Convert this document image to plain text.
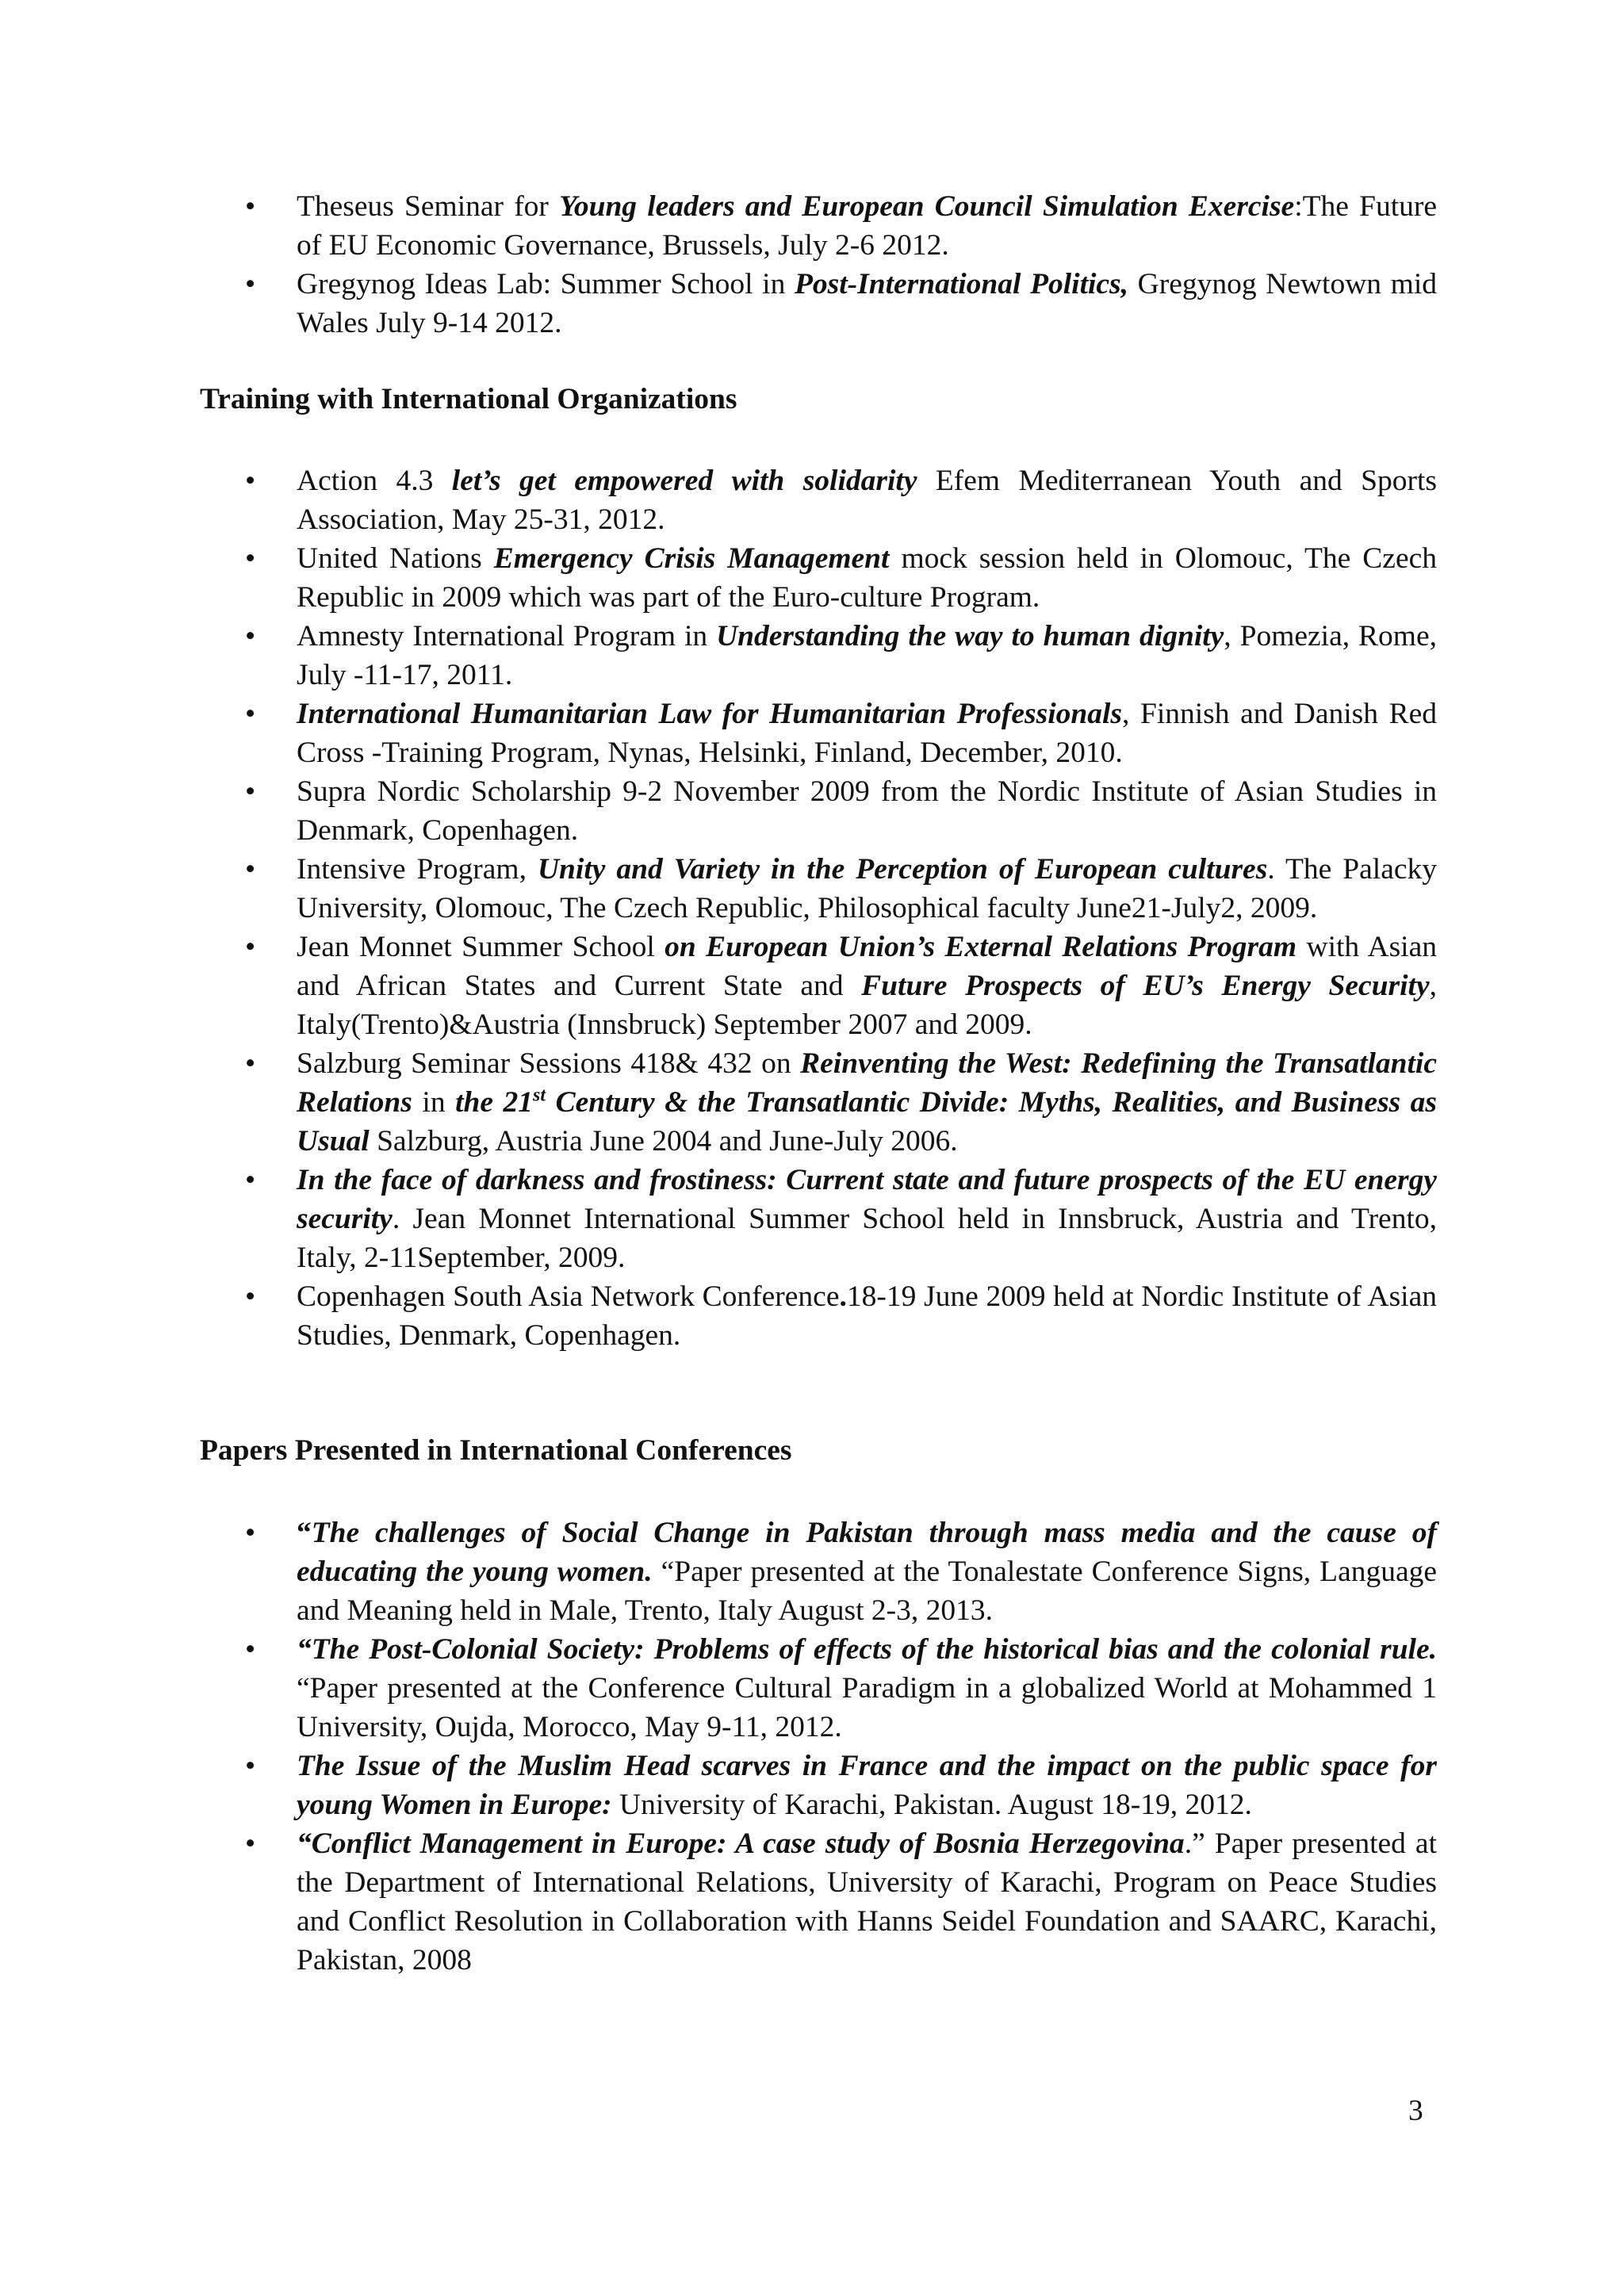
• Theseus Seminar for Young leaders and European Council Simulation Exercise:The Future of EU Economic Governance, Brussels, July 2-6 2012.
• Gregynog Ideas Lab: Summer School in Post-International Politics, Gregynog Newtown mid Wales July 9-14 2012.
Training with International Organizations
• Action 4.3 let’s get empowered with solidarity Efem Mediterranean Youth and Sports Association, May 25-31, 2012.
• United Nations Emergency Crisis Management mock session held in Olomouc, The Czech Republic in 2009 which was part of the Euro-culture Program.
• Amnesty International Program in Understanding the way to human dignity, Pomezia, Rome, July -11-17, 2011.
• International Humanitarian Law for Humanitarian Professionals, Finnish and Danish Red Cross -Training Program, Nynas, Helsinki, Finland, December, 2010.
• Supra Nordic Scholarship 9-2 November 2009 from the Nordic Institute of Asian Studies in Denmark, Copenhagen.
• Intensive Program, Unity and Variety in the Perception of European cultures. The Palacky University, Olomouc, The Czech Republic, Philosophical faculty June21-July2, 2009.
• Jean Monnet Summer School on European Union’s External Relations Program with Asian and African States and Current State and Future Prospects of EU’s Energy Security, Italy(Trento)&Austria (Innsbruck) September 2007 and 2009.
• Salzburg Seminar Sessions 418& 432 on Reinventing the West: Redefining the Transatlantic Relations in the 21st Century & the Transatlantic Divide: Myths, Realities, and Business as Usual Salzburg, Austria June 2004 and June-July 2006.
• In the face of darkness and frostiness: Current state and future prospects of the EU energy security. Jean Monnet International Summer School held in Innsbruck, Austria and Trento, Italy, 2-11September, 2009.
• Copenhagen South Asia Network Conference.18-19 June 2009 held at Nordic Institute of Asian Studies, Denmark, Copenhagen.
Papers Presented in International Conferences
• “The challenges of Social Change in Pakistan through mass media and the cause of educating the young women. “Paper presented at the Tonalestate Conference Signs, Language and Meaning held in Male, Trento, Italy August 2-3, 2013.
• “The Post-Colonial Society: Problems of effects of the historical bias and the colonial rule. “Paper presented at the Conference Cultural Paradigm in a globalized World at Mohammed 1 University, Oujda, Morocco, May 9-11, 2012.
• The Issue of the Muslim Head scarves in France and the impact on the public space for young Women in Europe: University of Karachi, Pakistan. August 18-19, 2012.
• “Conflict Management in Europe: A case study of Bosnia Herzegovina.” Paper presented at the Department of International Relations, University of Karachi, Program on Peace Studies and Conflict Resolution in Collaboration with Hanns Seidel Foundation and SAARC, Karachi, Pakistan, 2008
3
